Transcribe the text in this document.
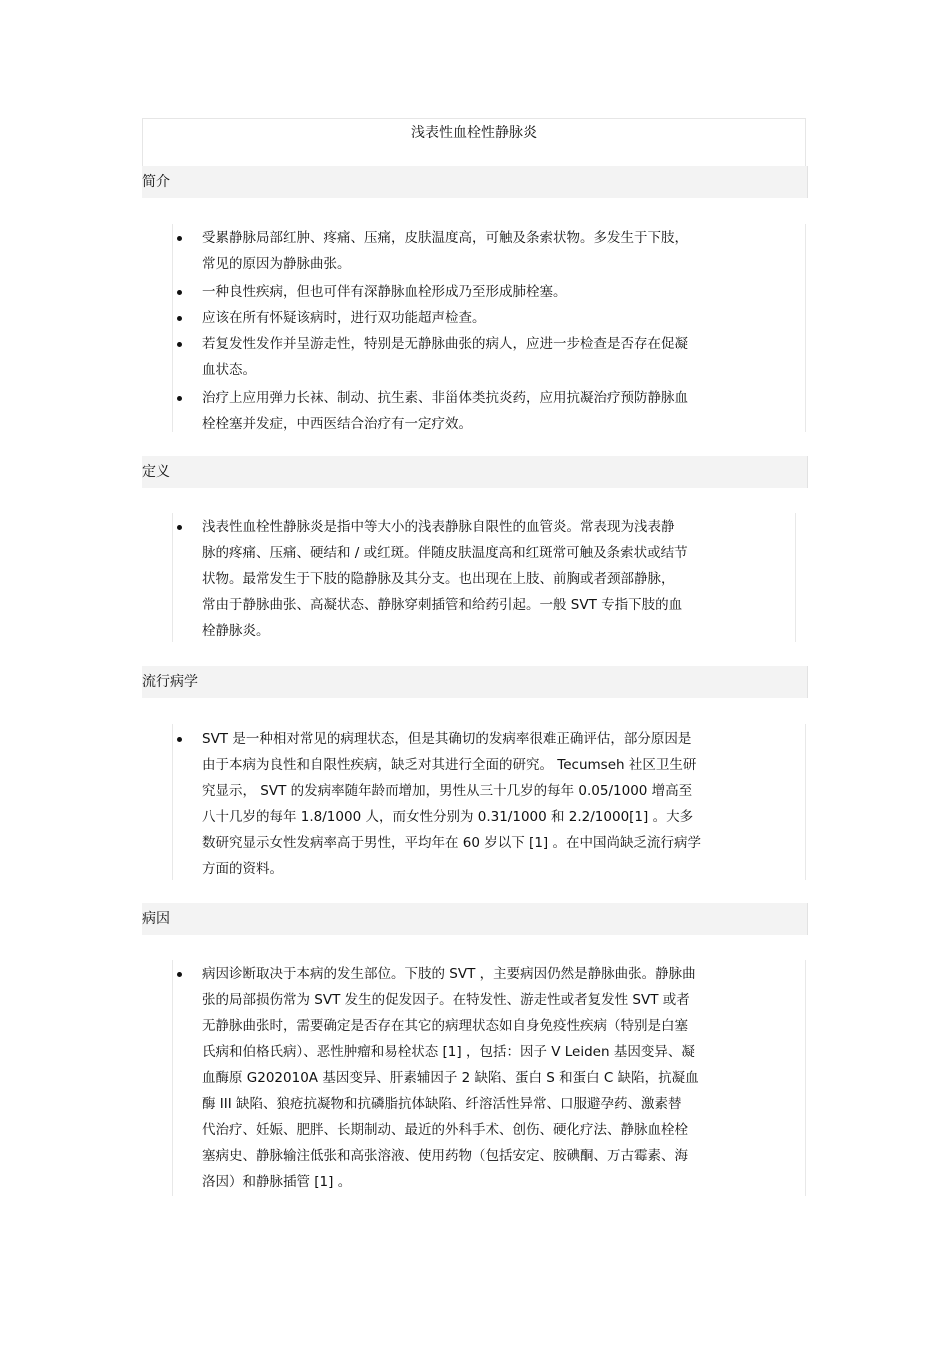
浅表性血栓性静脉炎
简介
受累静脉局部红肿、疼痛、压痛，皮肤温度高，可触及条索状物。多发生于下肢，
常见的原因为静脉曲张。
一种良性疾病，但也可伴有深静脉血栓形成乃至形成肺栓塞。
应该在所有怀疑该病时，进行双功能超声检查。
若复发性发作并呈游走性，特别是无静脉曲张的病人，应进一步检查是否存在促凝
血状态。
治疗上应用弹力长袜、制动、抗生素、非甾体类抗炎药，应用抗凝治疗预防静脉血
栓栓塞并发症，中西医结合治疗有一定疗效。
定义
浅表性血栓性静脉炎是指中等大小的浅表静脉自限性的血管炎。常表现为浅表静
脉的疼痛、压痛、硬结和 / 或红斑。伴随皮肤温度高和红斑常可触及条索状或结节
状物。最常发生于下肢的隐静脉及其分支。也出现在上肢、前胸或者颈部静脉，
常由于静脉曲张、高凝状态、静脉穿刺插管和给药引起。一般 SVT 专指下肢的血
栓静脉炎。
流行病学
SVT 是一种相对常见的病理状态，但是其确切的发病率很难正确评估，部分原因是
由于本病为良性和自限性疾病，缺乏对其进行全面的研究。 Tecumseh 社区卫生研
究显示， SVT 的发病率随年龄而增加，男性从三十几岁的每年 0.05/1000 增高至
八十几岁的每年 1.8/1000 人，而女性分别为 0.31/1000 和 2.2/1000[1] 。大多
数研究显示女性发病率高于男性，平均年在 60 岁以下 [1] 。在中国尚缺乏流行病学
方面的资料。
病因
病因诊断取决于本病的发生部位。下肢的 SVT ，主要病因仍然是静脉曲张。静脉曲
张的局部损伤常为 SVT 发生的促发因子。在特发性、游走性或者复发性 SVT 或者
无静脉曲张时，需要确定是否存在其它的病理状态如自身免疫性疾病（特别是白塞
氏病和伯格氏病）、恶性肿瘤和易栓状态 [1] ，包括：因子 V Leiden 基因变异、凝
血酶原 G202010A 基因变异、肝素辅因子 2 缺陷、蛋白 S 和蛋白 C 缺陷，抗凝血
酶 III 缺陷、狼疮抗凝物和抗磷脂抗体缺陷、纤溶活性异常、口服避孕药、激素替
代治疗、妊娠、肥胖、长期制动、最近的外科手术、创伤、硬化疗法、静脉血栓栓
塞病史、静脉输注低张和高张溶液、使用药物（包括安定、胺碘酮、万古霉素、海
洛因）和静脉插管 [1] 。
